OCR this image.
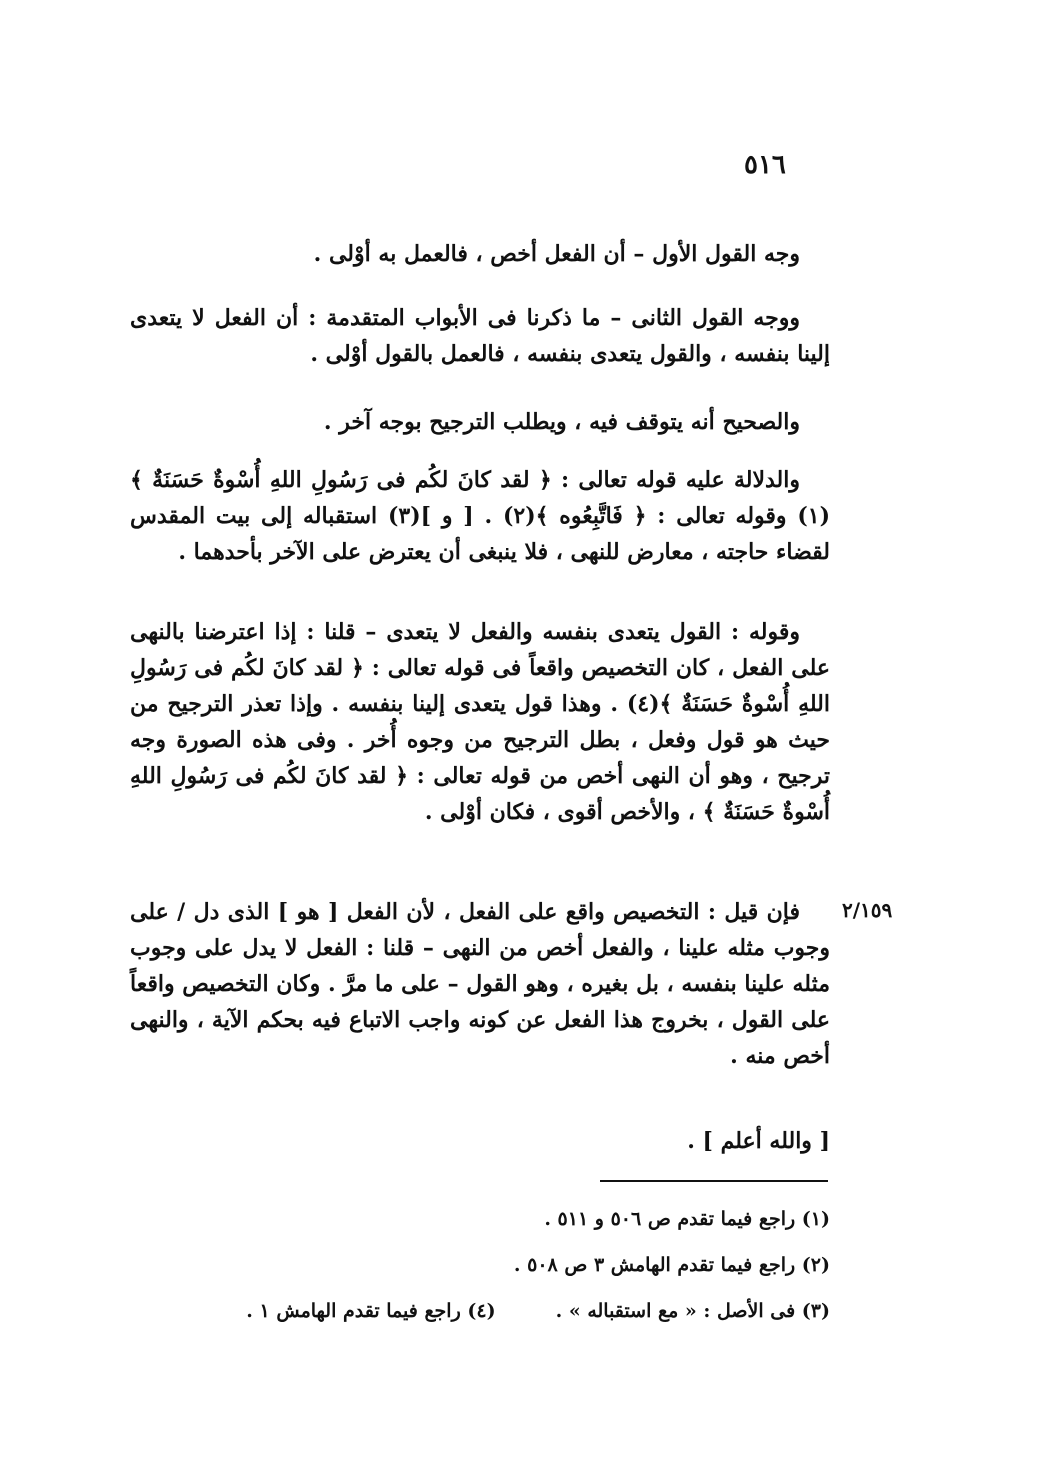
٥١٦

وجه القول الأول – أن الفعل أخص ، فالعمل به أوْلى .

ووجه القول الثانى – ما ذكرنا فى الأبواب المتقدمة : أن الفعل لا يتعدى إلينا بنفسه ، والقول يتعدى بنفسه ، فالعمل بالقول أوْلى .

والصحيح أنه يتوقف فيه ، ويطلب الترجيح بوجه آخر .

والدلالة عليه قوله تعالى : ﴿ لقد كانَ لكُم فى رَسُولِ اللهِ أُسْوةٌ حَسَنَةٌ ﴾(١) وقوله تعالى : ﴿ فَاتَّبِعُوه ﴾(٢) . [ و ](٣) استقباله إلى بيت المقدس لقضاء حاجته ، معارض للنهى ، فلا ينبغى أن يعترض على الآخر بأحدهما .

وقوله : القول يتعدى بنفسه والفعل لا يتعدى – قلنا : إذا اعترضنا بالنهى على الفعل ، كان التخصيص واقعاً فى قوله تعالى : ﴿ لقد كانَ لكُم فى رَسُولِ اللهِ أُسْوةٌ حَسَنَةٌ ﴾(٤) . وهذا قول يتعدى إلينا بنفسه . وإذا تعذر الترجيح من حيث هو قول وفعل ، بطل الترجيح من وجوه أُخر . وفى هذه الصورة وجه ترجيح ، وهو أن النهى أخص من قوله تعالى : ﴿ لقد كانَ لكُم فى رَسُولِ اللهِ أُسْوةٌ حَسَنَةٌ ﴾ ، والأخص أقوى ، فكان أوْلى .

٢/١٥٩

فإن قيل : التخصيص واقع على الفعل ، لأن الفعل [ هو ] الذى دل / على وجوب مثله علينا ، والفعل أخص من النهى – قلنا : الفعل لا يدل على وجوب مثله علينا بنفسه ، بل بغيره ، وهو القول – على ما مرَّ . وكان التخصيص واقعاً على القول ، بخروج هذا الفعل عن كونه واجب الاتباع فيه بحكم الآية ، والنهى أخص منه .

[ والله أعلم ] .
(١) راجع فيما تقدم ص ٥٠٦ و ٥١١ .
(٢) راجع فيما تقدم الهامش ٣ ص ٥٠٨ .
(٣) فى الأصل : « مع استقباله » .
(٤) راجع فيما تقدم الهامش ١ .
